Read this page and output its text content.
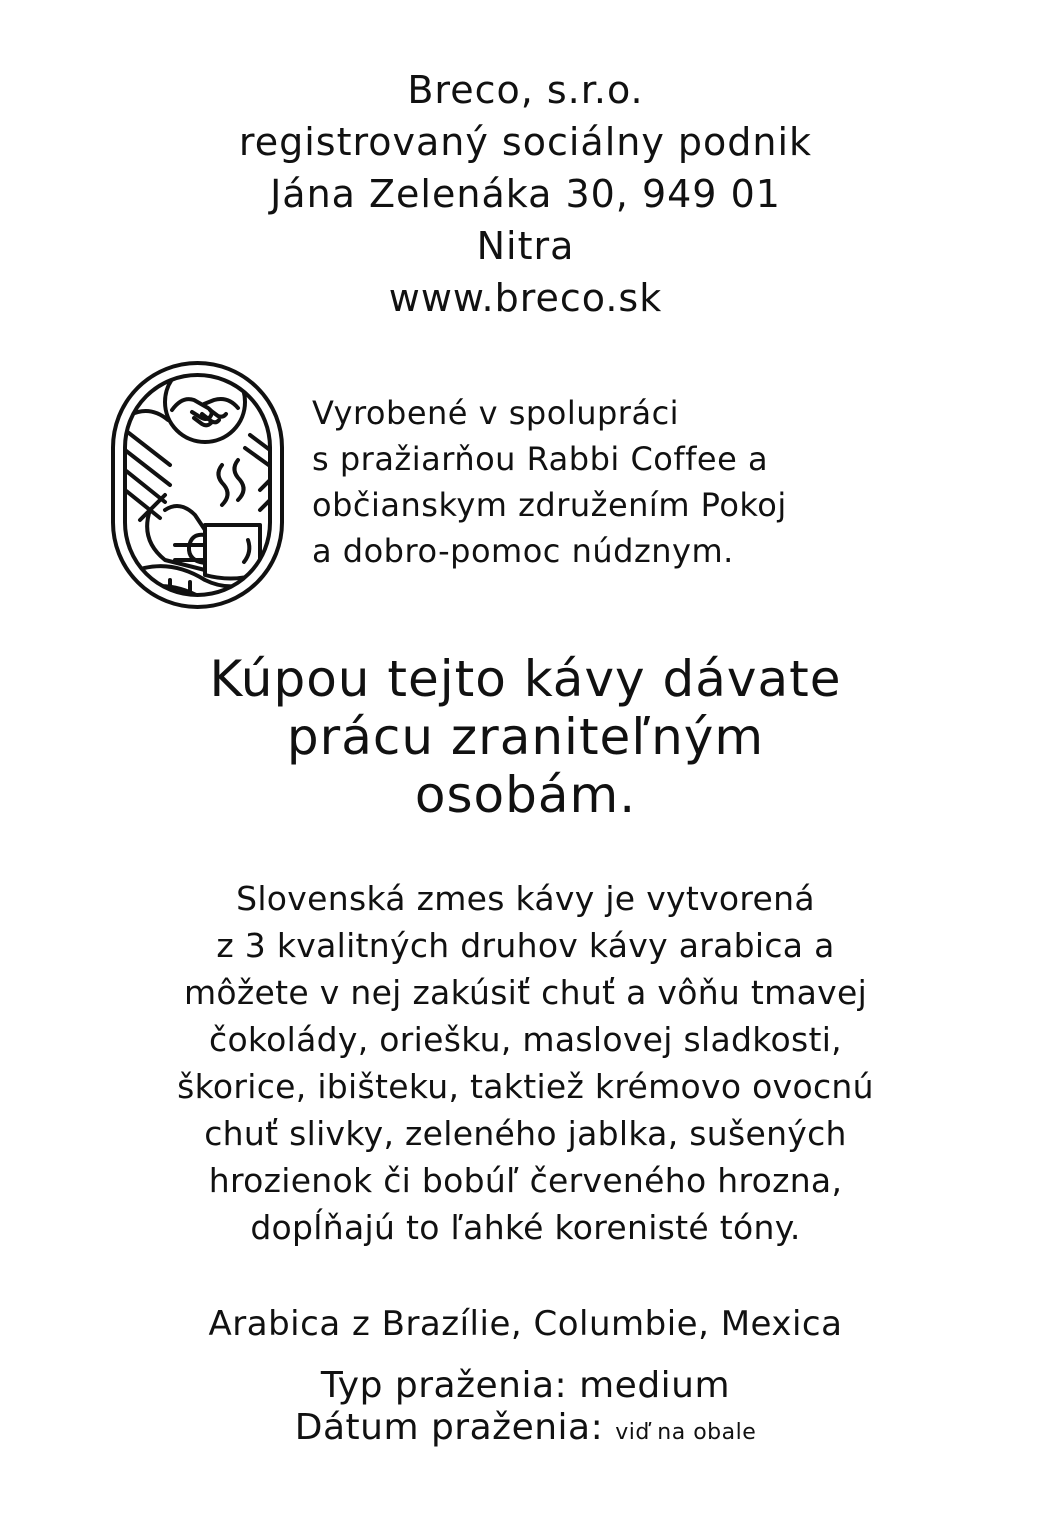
Breco, s.r.o.
registrovaný sociálny podnik
Jána Zelenáka 30, 949 01
Nitra
www.breco.sk
Vyrobené v spolupráci
s pražiarňou Rabbi Coffee a
občianskym združením Pokoj
a dobro-pomoc núdznym.
Kúpou tejto kávy dávate
prácu zraniteľným
osobám.
Slovenská zmes kávy je vytvorená
z 3 kvalitných druhov kávy arabica a
môžete v nej zakúsiť chuť a vôňu tmavej
čokolády, oriešku, maslovej sladkosti,
škorice, ibišteku, taktiež krémovo ovocnú
chuť slivky, zeleného jablka, sušených
hrozienok či bobúľ červeného hrozna,
dopĺňajú to ľahké korenisté tóny.
Arabica z Brazílie, Columbie, Mexica
Typ praženia: medium
Dátum praženia: viď na obale
